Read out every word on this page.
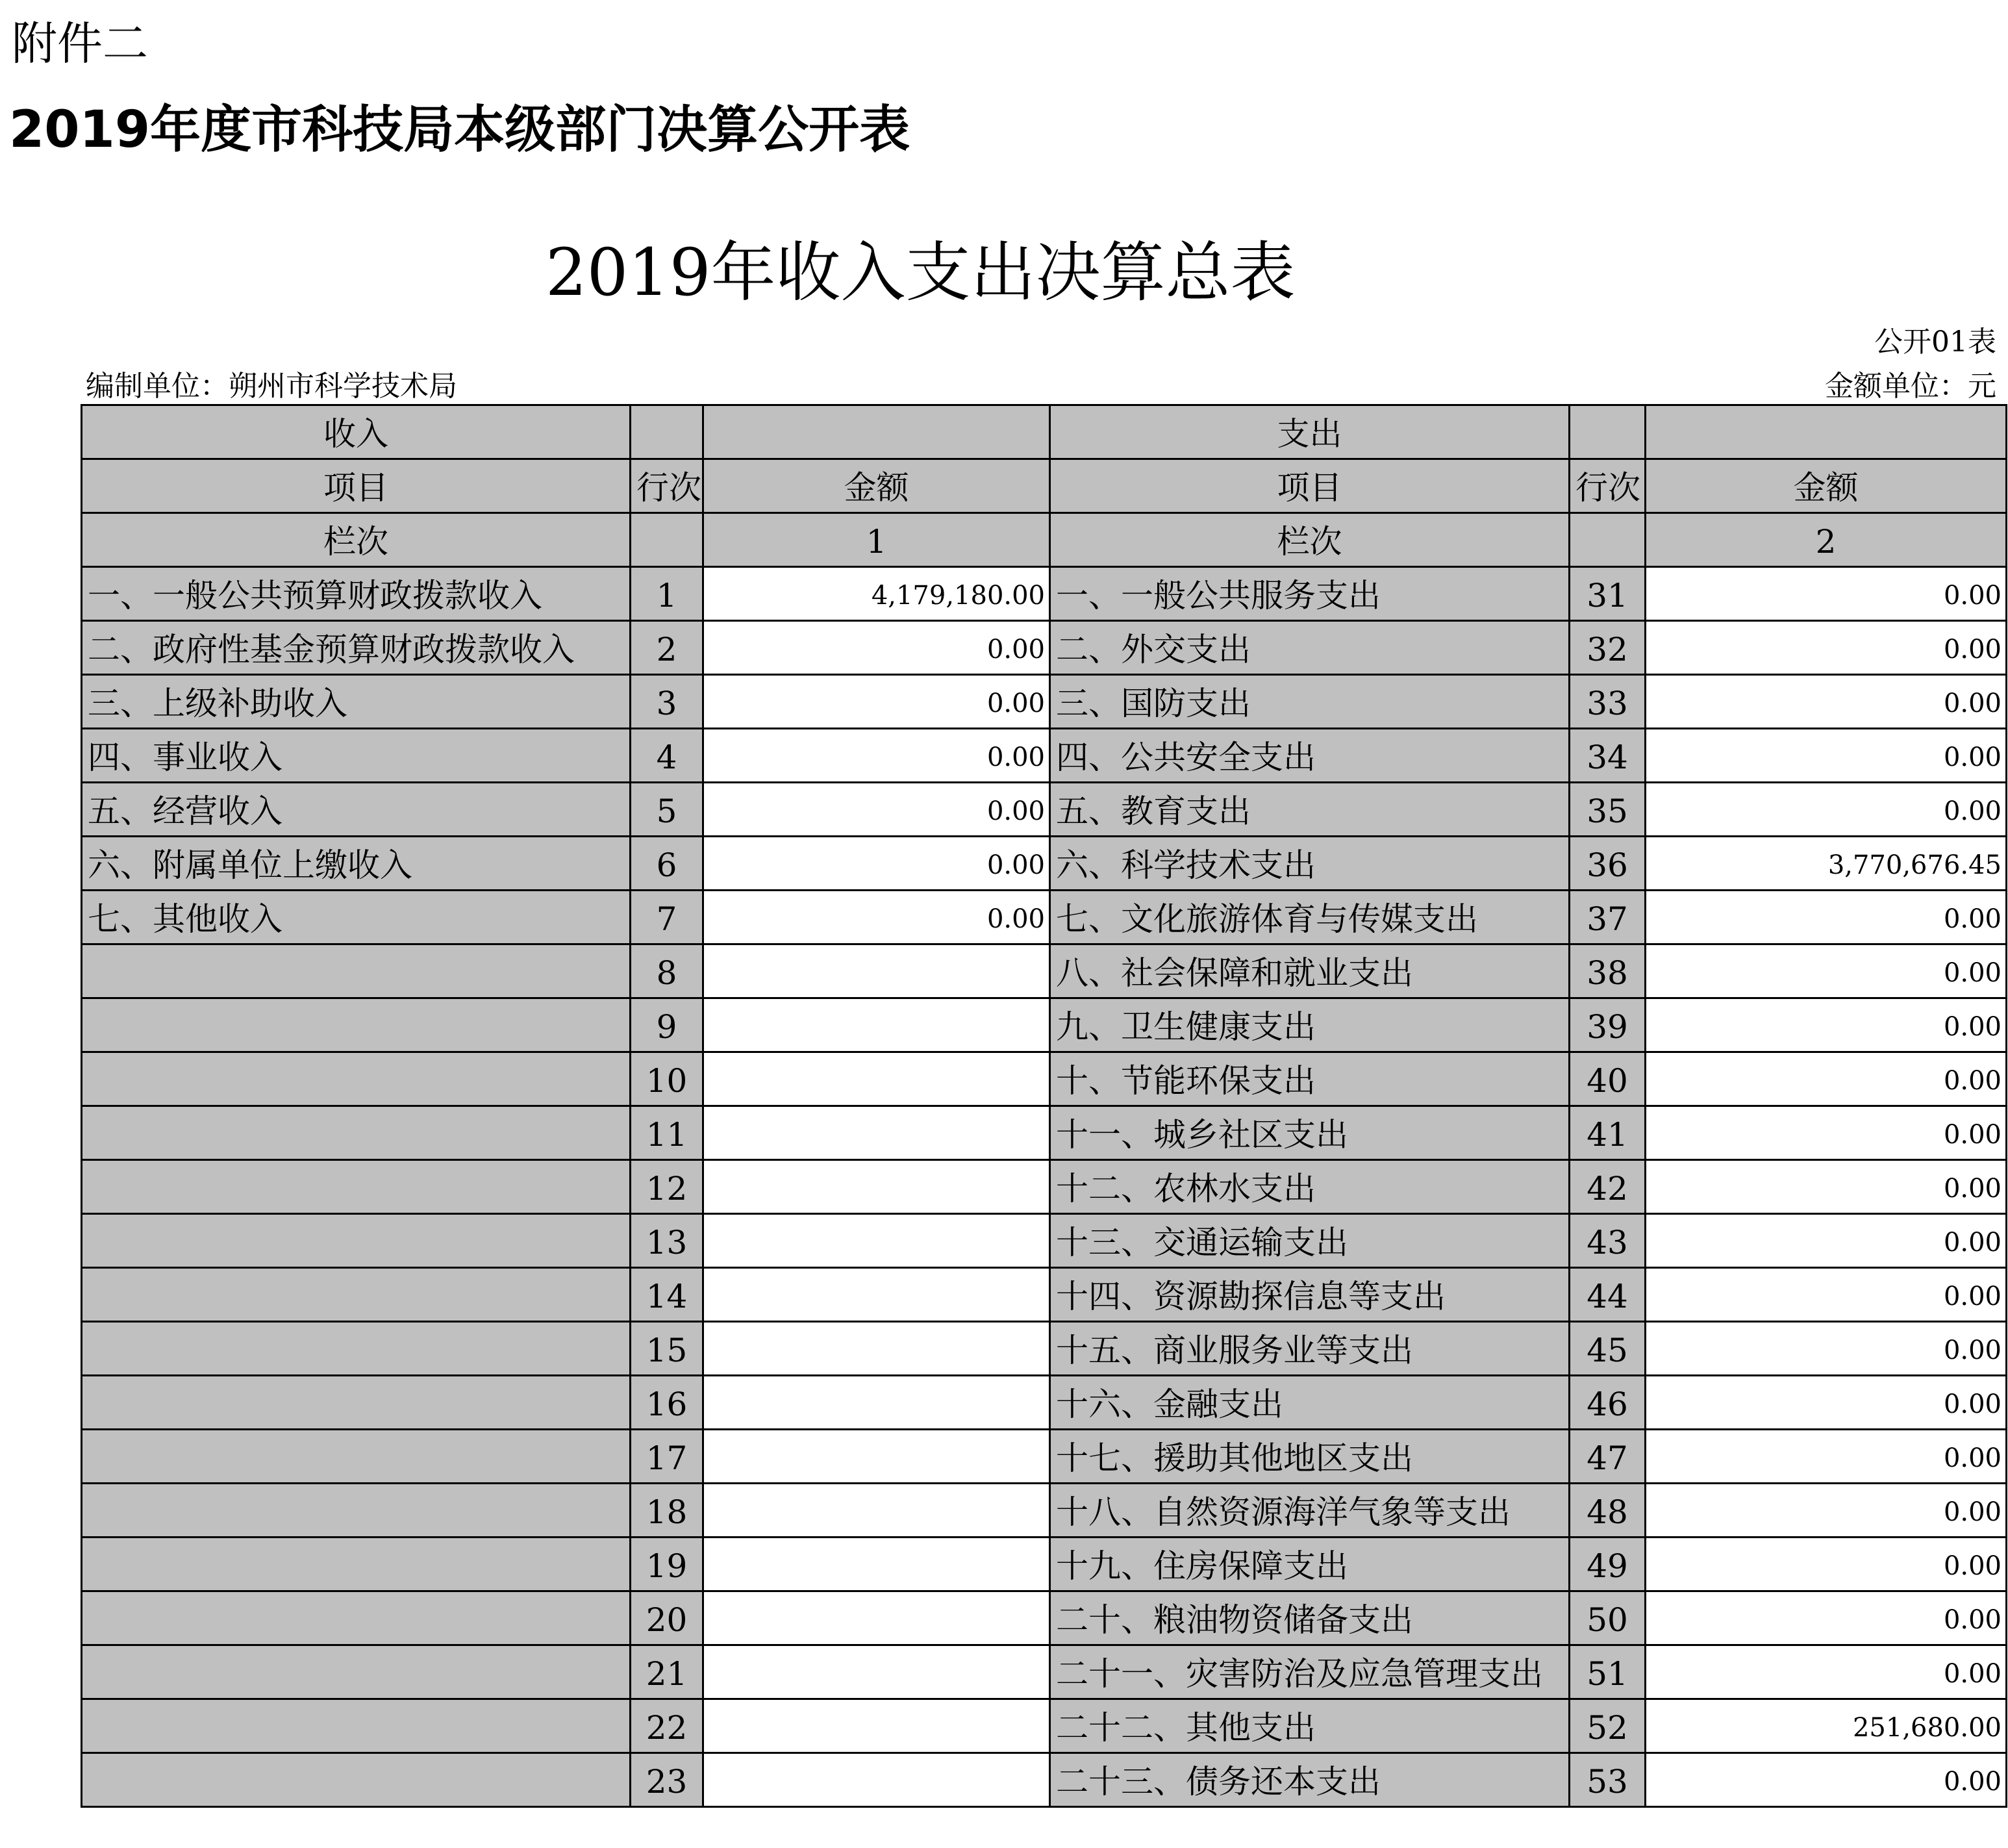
附件二
2019年度市科技局本级部门决算公开表
2019年收入支出决算总表
公开01表
编制单位：朔州市科学技术局	金额单位：元
收入			支出		
项目	行次	金额	项目	行次	金额
栏次		1	栏次		2
一、一般公共预算财政拨款收入	1	4,179,180.00	一、一般公共服务支出	31	0.00
二、政府性基金预算财政拨款收入	2	0.00	二、外交支出	32	0.00
三、上级补助收入	3	0.00	三、国防支出	33	0.00
四、事业收入	4	0.00	四、公共安全支出	34	0.00
五、经营收入	5	0.00	五、教育支出	35	0.00
六、附属单位上缴收入	6	0.00	六、科学技术支出	36	3,770,676.45
七、其他收入	7	0.00	七、文化旅游体育与传媒支出	37	0.00
	8		八、社会保障和就业支出	38	0.00
	9		九、卫生健康支出	39	0.00
	10		十、节能环保支出	40	0.00
	11		十一、城乡社区支出	41	0.00
	12		十二、农林水支出	42	0.00
	13		十三、交通运输支出	43	0.00
	14		十四、资源勘探信息等支出	44	0.00
	15		十五、商业服务业等支出	45	0.00
	16		十六、金融支出	46	0.00
	17		十七、援助其他地区支出	47	0.00
	18		十八、自然资源海洋气象等支出	48	0.00
	19		十九、住房保障支出	49	0.00
	20		二十、粮油物资储备支出	50	0.00
	21		二十一、灾害防治及应急管理支出	51	0.00
	22		二十二、其他支出	52	251,680.00
	23		二十三、债务还本支出	53	0.00
